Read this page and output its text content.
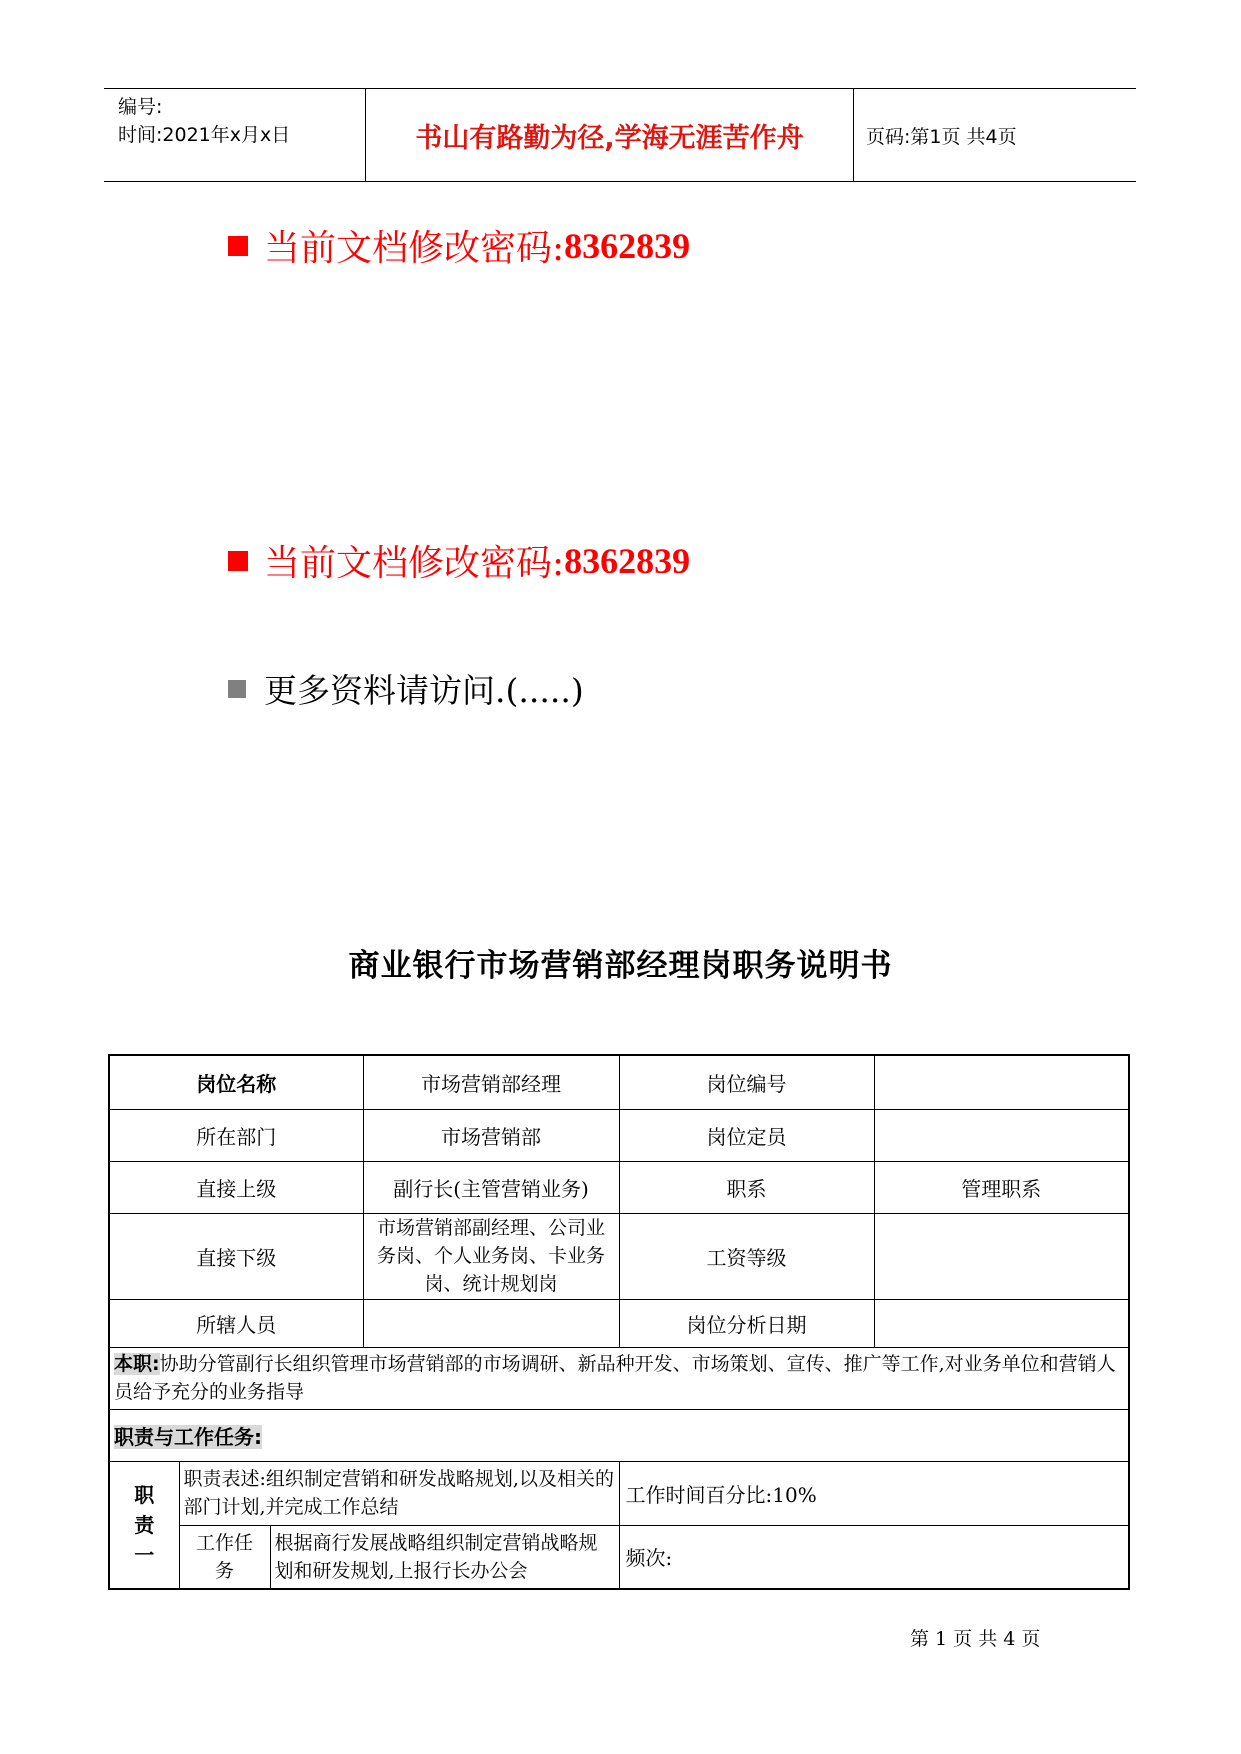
编号:
时间:2021年x月x日	书山有路勤为径,学海无涯苦作舟	页码:第1页 共4页
当前文档修改密码: 8362839
当前文档修改密码: 8362839
更多资料请访问.(.....)
商业银行市场营销部经理岗职务说明书
岗位名称			市场营销部经理	岗位编号	
所在部门			市场营销部	岗位定员	
直接上级			副行长(主管营销业务)	职系	管理职系
直接下级			市场营销部副经理、公司业务岗、个人业务岗、卡业务岗、统计规划岗	工资等级	
所辖人员				岗位分析日期	
本职:协助分管副行长组织管理市场营销部的市场调研、新品种开发、市场策划、宣传、推广等工作,对业务单位和营销人员给予充分的业务指导					
职责与工作任务:					
职责一	职责表述:组织制定营销和研发战略规划,以及相关的部门计划,并完成工作总结			工作时间百分比:10%	
	工作任务	根据商行发展战略组织制定营销战略规划和研发规划,上报行长办公会		频次:	
第 1 页 共 4 页
